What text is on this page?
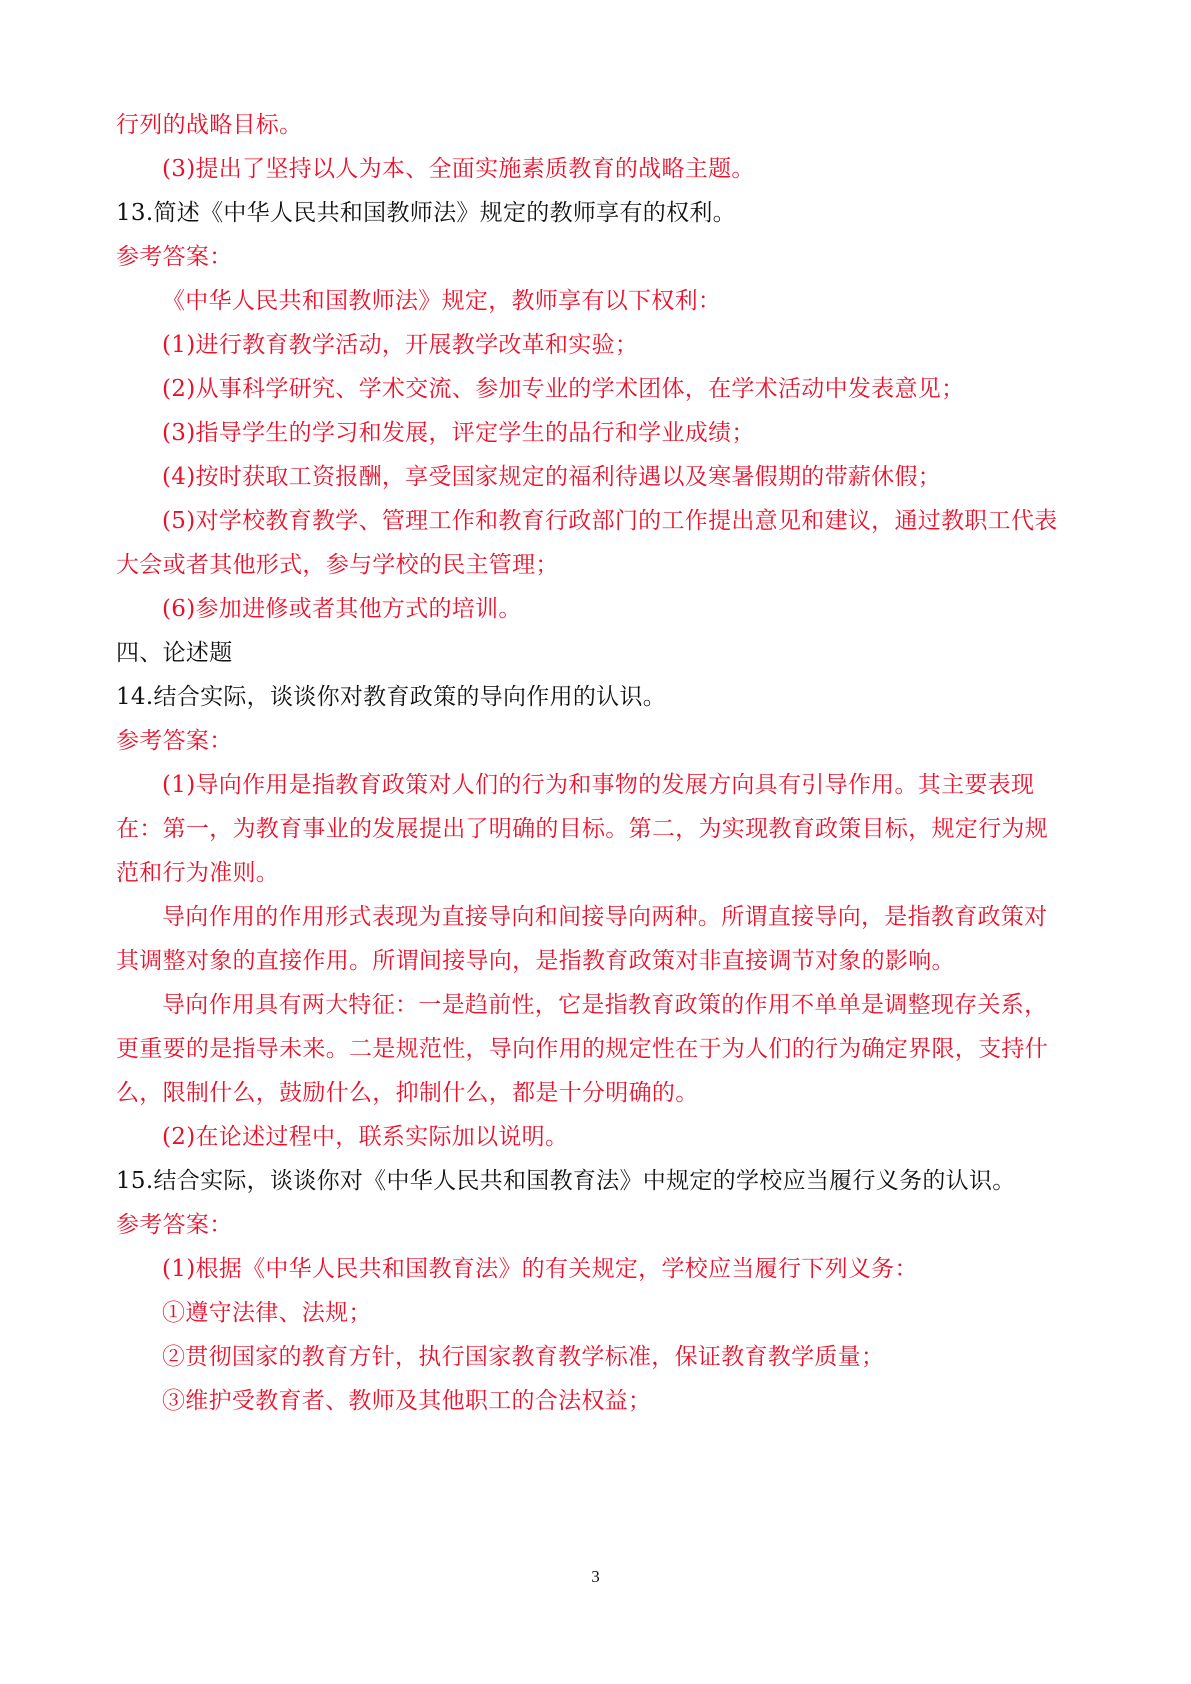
行列的战略目标。
(3)提出了坚持以人为本、全面实施素质教育的战略主题。
13.简述《中华人民共和国教师法》规定的教师享有的权利。
参考答案：
《中华人民共和国教师法》规定，教师享有以下权利：
(1)进行教育教学活动，开展教学改革和实验；
(2)从事科学研究、学术交流、参加专业的学术团体，在学术活动中发表意见；
(3)指导学生的学习和发展，评定学生的品行和学业成绩；
(4)按时获取工资报酬，享受国家规定的福利待遇以及寒暑假期的带薪休假；
(5)对学校教育教学、管理工作和教育行政部门的工作提出意见和建议，通过教职工代表
大会或者其他形式，参与学校的民主管理；
(6)参加进修或者其他方式的培训。
四、论述题
14.结合实际，谈谈你对教育政策的导向作用的认识。
参考答案：
(1)导向作用是指教育政策对人们的行为和事物的发展方向具有引导作用。其主要表现
在：第一，为教育事业的发展提出了明确的目标。第二，为实现教育政策目标，规定行为规
范和行为准则。
导向作用的作用形式表现为直接导向和间接导向两种。所谓直接导向，是指教育政策对
其调整对象的直接作用。所谓间接导向，是指教育政策对非直接调节对象的影响。
导向作用具有两大特征：一是趋前性，它是指教育政策的作用不单单是调整现存关系，
更重要的是指导未来。二是规范性，导向作用的规定性在于为人们的行为确定界限，支持什
么，限制什么，鼓励什么，抑制什么，都是十分明确的。
(2)在论述过程中，联系实际加以说明。
15.结合实际，谈谈你对《中华人民共和国教育法》中规定的学校应当履行义务的认识。
参考答案：
(1)根据《中华人民共和国教育法》的有关规定，学校应当履行下列义务：
①遵守法律、法规；
②贯彻国家的教育方针，执行国家教育教学标准，保证教育教学质量；
③维护受教育者、教师及其他职工的合法权益；
3
